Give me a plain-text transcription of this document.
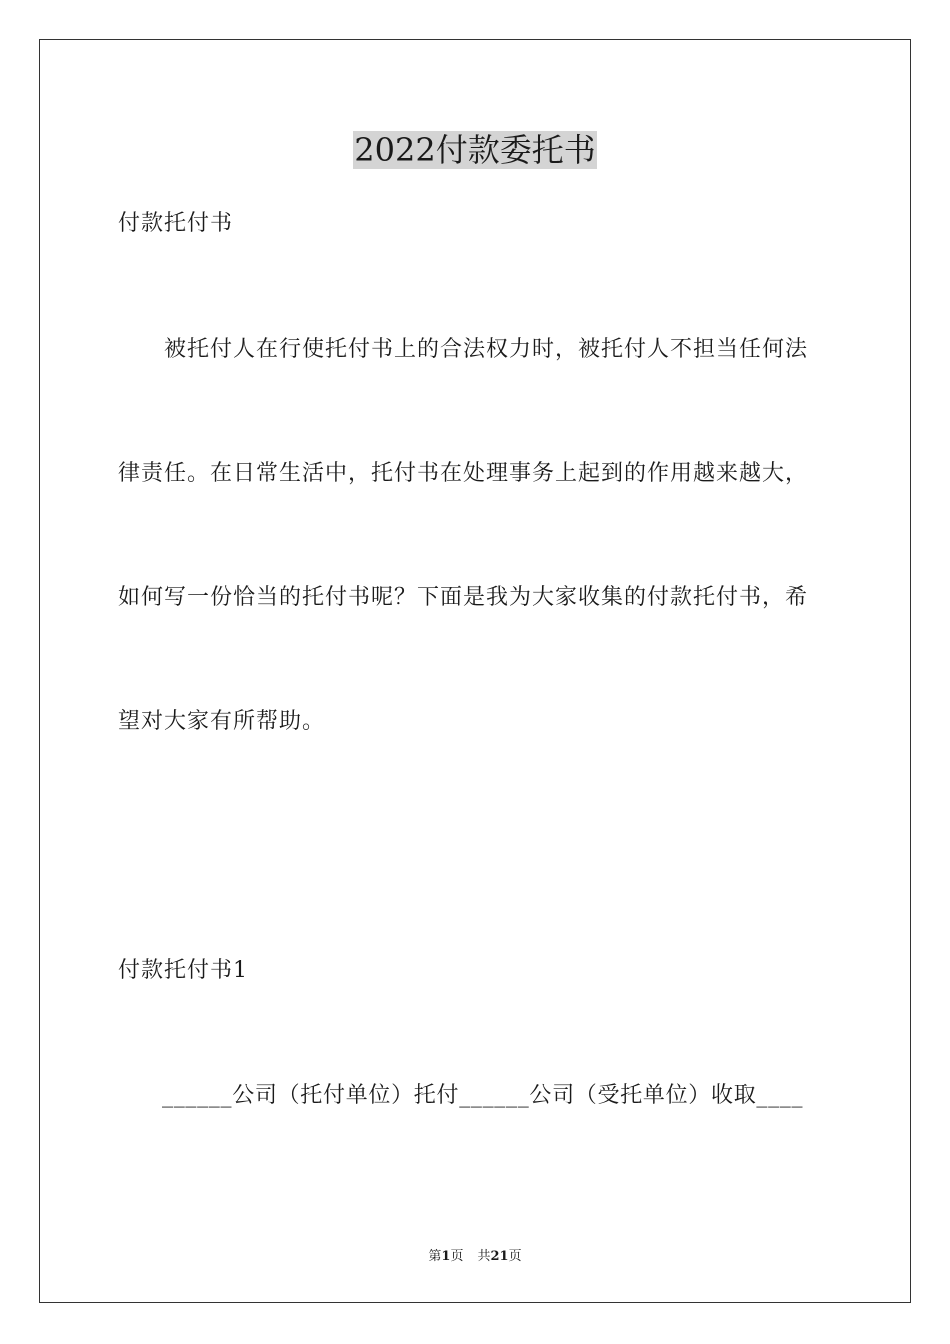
2022付款委托书
付款托付书
被托付人在行使托付书上的合法权力时，被托付人不担当任何法
律责任。在日常生活中，托付书在处理事务上起到的作用越来越大，
如何写一份恰当的托付书呢？下面是我为大家收集的付款托付书，希
望对大家有所帮助。
付款托付书1
______公司（托付单位）托付______公司（受托单位）收取____
第1页 共21页
